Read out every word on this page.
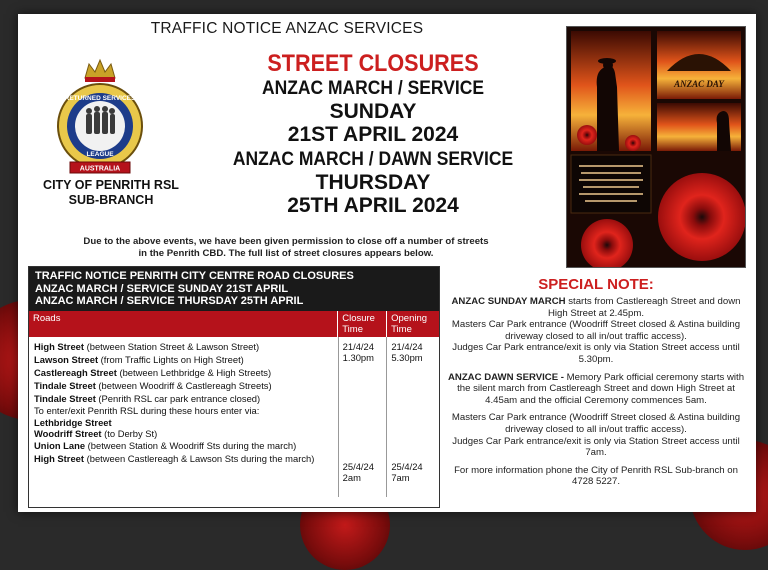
TRAFFIC NOTICE ANZAC SERVICES
RETURNED SERVICES
LEAGUE
AUSTRALIA
CITY OF PENRITH RSL
SUB-BRANCH
STREET CLOSURES
ANZAC MARCH / SERVICE
SUNDAY
21ST APRIL 2024
ANZAC MARCH / DAWN SERVICE
THURSDAY
25TH APRIL 2024
ANZAC DAY
Due to the above events, we have been given permission to close off a number of streets
in the Penrith CBD. The full list of street closures appears below.
TRAFFIC NOTICE PENRITH CITY CENTRE ROAD CLOSURES
ANZAC MARCH / SERVICE SUNDAY 21ST APRIL
ANZAC MARCH / SERVICE THURSDAY 25TH APRIL
Roads	Closure Time
Opening Time
High Street (between Station Street & Lawson Street)
Lawson Street (from Traffic Lights on High Street)
Castlereagh Street (between Lethbridge & High Streets)
Tindale Street (between Woodriff & Castlereagh Streets)
Tindale Street (Penrith RSL car park entrance closed)
To enter/exit Penrith RSL during these hours enter via:
Lethbridge Street
Woodriff Street (to Derby St)
Union Lane (between Station & Woodriff Sts during the march)
High Street (between Castlereagh & Lawson Sts during the march)
21/4/24
1.30pm
25/4/24
2am
21/4/24
5.30pm
25/4/24
7am
SPECIAL NOTE:

ANZAC SUNDAY MARCH starts from Castlereagh Street and down High Street at 2.45pm.
Masters Car Park entrance (Woodriff Street closed & Astina building driveway closed to all in/out traffic access).
Judges Car Park entrance/exit is only via Station Street access until 5.30pm.

ANZAC DAWN SERVICE - Memory Park official ceremony starts with the silent march from Castlereagh Street and down High Street at 4.45am and the official Ceremony commences 5am.

Masters Car Park entrance (Woodriff Street closed & Astina building driveway closed to all in/out traffic access).
Judges Car Park entrance/exit is only via Station Street access until 7am.

For more information phone the City of Penrith RSL Sub-branch on 4728 5227.
